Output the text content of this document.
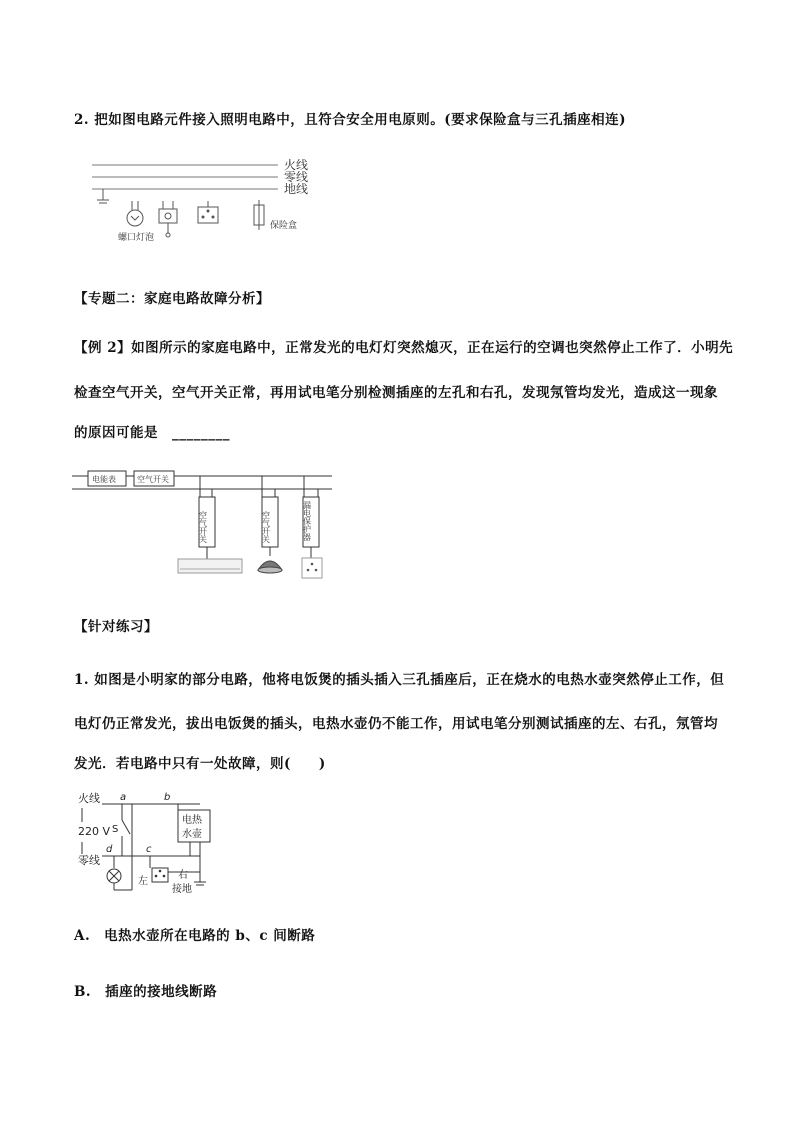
2. 把如图电路元件接入照明电路中，且符合安全用电原则。(要求保险盒与三孔插座相连)
火线
零线
地线
螺口灯泡
保险盒
【专题二：家庭电路故障分析】
【例 2】如图所示的家庭电路中，正常发光的电灯灯突然熄灭，正在运行的空调也突然停止工作了．小明先
检查空气开关，空气开关正常，再用试电笔分别检测插座的左孔和右孔，发现氖管均发光，造成这一现象
的原因可能是　________
电能表	空气开关
空气开关	空气开关	漏电保护器
【针对练习】
1. 如图是小明家的部分电路，他将电饭煲的插头插入三孔插座后，正在烧水的电热水壶突然停止工作，但
电灯仍正常发光，拔出电饭煲的插头，电热水壶仍不能工作，用试电笔分别测试插座的左、右孔，氖管均
发光．若电路中只有一处故障，则(　　)
火线
220 V
零线
a	b
c
d
S
电热
水壶
左
右
接地
A.　电热水壶所在电路的 b、c 间断路
B.　插座的接地线断路
